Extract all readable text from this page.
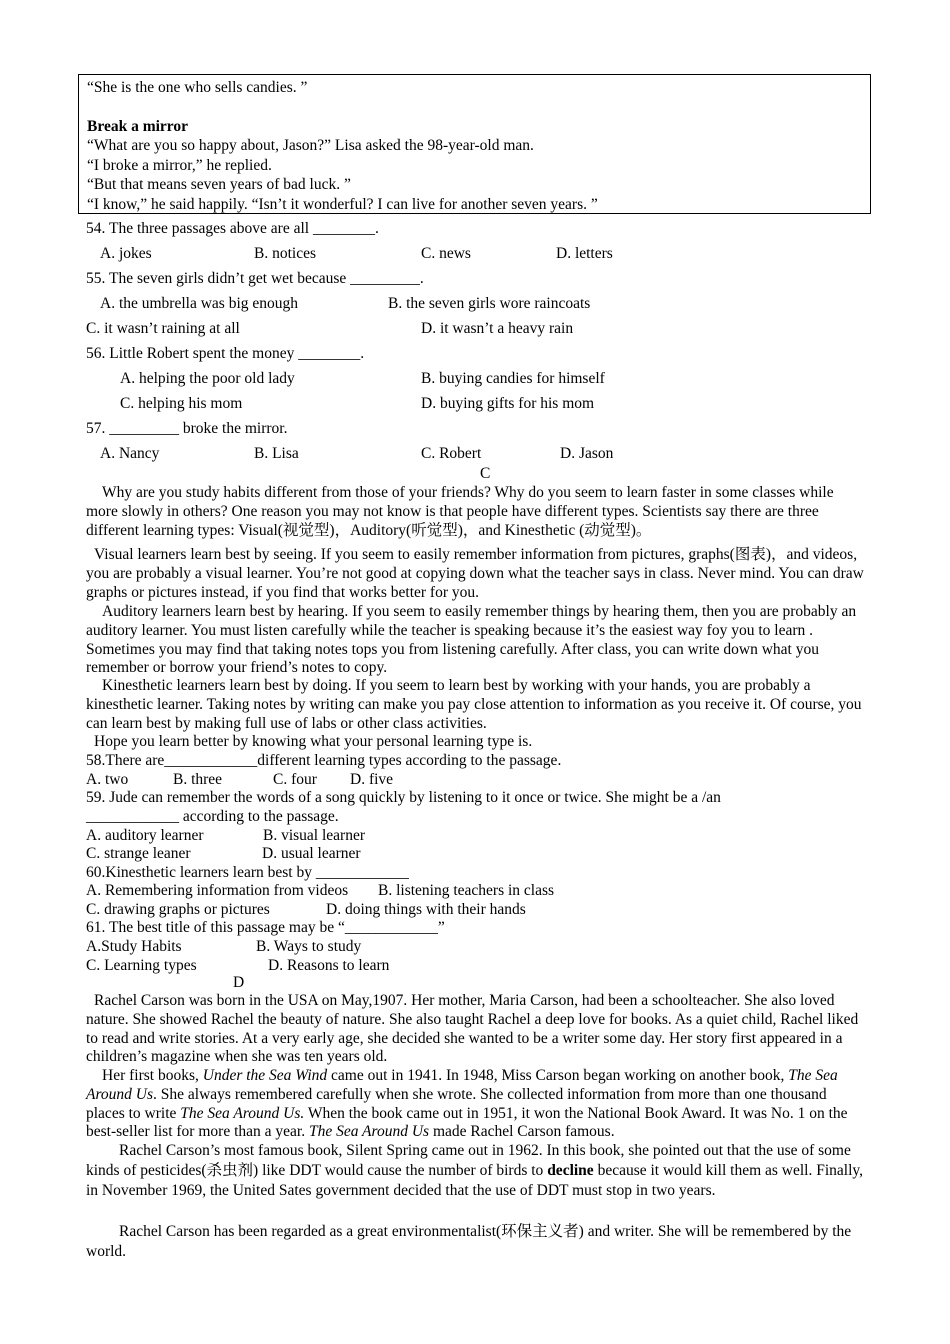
“She is the one who sells candies. ”
Break a mirror
“What are you so happy about, Jason?” Lisa asked the 98-year-old man.
“I broke a mirror,” he replied.
“But that means seven years of bad luck. ”
“I know,” he said happily. “Isn’t it wonderful? I can live for another seven years. ”
54. The three passages above are all ________.
A. jokes	B. notices	C. news	D. letters
55. The seven girls didn’t get wet because _________.
A. the umbrella was big enough	B. the seven girls wore raincoats
C. it wasn’t raining at all	D. it wasn’t a heavy rain
56. Little Robert spent the money ________.
A. helping the poor old lady	B. buying candies for himself
C. helping his mom	D. buying gifts for his mom
57. _________ broke the mirror.
A. Nancy	B. Lisa	C. Robert	D. Jason
C
Why are you study habits different from those of your friends? Why do you seem to learn faster in some classes while more slowly in others? One reason you may not know is that people have different types. Scientists say there are three different learning types: Visual(视觉型)，Auditory(听觉型)，and Kinesthetic (动觉型)。
Visual learners learn best by seeing. If you seem to easily remember information from pictures, graphs(图表)，and videos, you are probably a visual learner. You’re not good at copying down what the teacher says in class. Never mind. You can draw graphs or pictures instead, if you find that works better for you.
Auditory learners learn best by hearing. If you seem to easily remember things by hearing them, then you are probably an auditory learner. You must listen carefully while the teacher is speaking because it’s the easiest way foy you to learn . Sometimes you may find that taking notes tops you from listening carefully. After class, you can write down what you remember or borrow your friend’s notes to copy.
Kinesthetic learners learn best by doing. If you seem to learn best by working with your hands, you are probably a kinesthetic learner. Taking notes by writing can make you pay close attention to information as you receive it. Of course, you can learn best by making full use of labs or other class activities.
Hope you learn better by knowing what your personal learning type is.
58.There are____________different learning types according to the passage.
A. two	B. three	C. four D. five
59. Jude can remember the words of a song quickly by listening to it once or twice. She might be a /an
____________ according to the passage.
A. auditory learner	B. visual learner
C. strange leaner	D. usual learner
60.Kinesthetic learners learn best by ____________
A. Remembering information from videos B. listening teachers in class
C. drawing graphs or pictures	D. doing things with their hands
61. The best title of this passage may be “____________”
A.Study Habits	B. Ways to study
C. Learning types	D. Reasons to learn
D
Rachel Carson was born in the USA on May,1907. Her mother, Maria Carson, had been a schoolteacher. She also loved nature. She showed Rachel the beauty of nature. She also taught Rachel a deep love for books. As a quiet child, Rachel liked to read and write stories. At a very early age, she decided she wanted to be a writer some day. Her story first appeared in a children’s magazine when she was ten years old.
Her first books, Under the Sea Wind came out in 1941. In 1948, Miss Carson began working on another book, The Sea Around Us. She always remembered carefully when she wrote. She collected information from more than one thousand places to write The Sea Around Us. When the book came out in 1951, it won the National Book Award. It was No. 1 on the best-seller list for more than a year. The Sea Around Us made Rachel Carson famous.
Rachel Carson’s most famous book, Silent Spring came out in 1962. In this book, she pointed out that the use of some kinds of pesticides(杀虫剂) like DDT would cause the number of birds to decline because it would kill them as well. Finally, in November 1969, the United Sates government decided that the use of DDT must stop in two years.
Rachel Carson has been regarded as a great environmentalist(环保主义者) and writer. She will be remembered by the world.
